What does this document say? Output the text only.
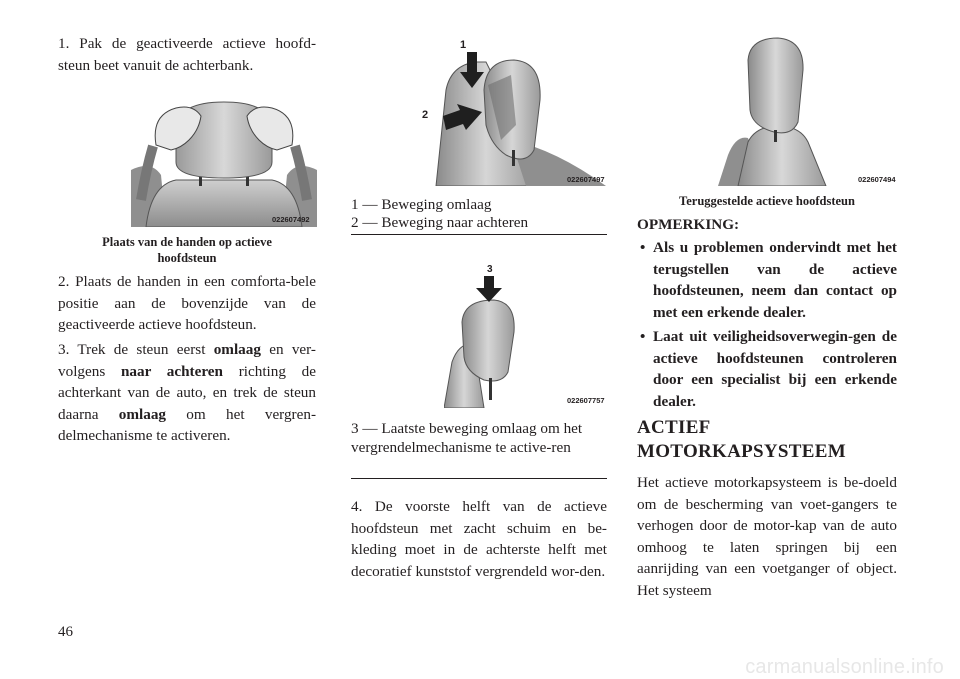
1. Pak de geactiveerde actieve hoofd-steun beet vanuit de achterbank.

022607492
Plaats van de handen op actieve
hoofdsteun

2. Plaats de handen in een comforta-bele positie aan de bovenzijde van de geactiveerde actieve hoofdsteun.

3. Trek de steun eerst omlaag en ver-volgens naar achteren richting de achterkant van de auto, en trek de steun daarna omlaag om het vergren-delmechanisme te activeren.

1
2
022607497
1 — Beweging omlaag
2 — Beweging naar achteren
3
022607757
3 — Laatste beweging omlaag om het vergrendelmechanisme te active-ren

4. De voorste helft van de actieve hoofdsteun met zacht schuim en be-kleding moet in de achterste helft met decoratief kunststof vergrendeld wor-den.

022607494
Teruggestelde actieve hoofdsteun
OPMERKING:
• Als u problemen ondervindt met het terugstellen van de actieve hoofdsteunen, neem dan contact op met een erkende dealer.
• Laat uit veiligheidsoverwegin-gen de actieve hoofdsteunen controleren door een specialist bij een erkende dealer.
ACTIEF
MOTORKAPSYSTEEM

Het actieve motorkapsysteem is be-doeld om de bescherming van voet-gangers te verhogen door de motor-kap van de auto omhoog te laten springen bij een aanrijding van een voetganger of object. Het systeem

46
carmanualsonline.info
